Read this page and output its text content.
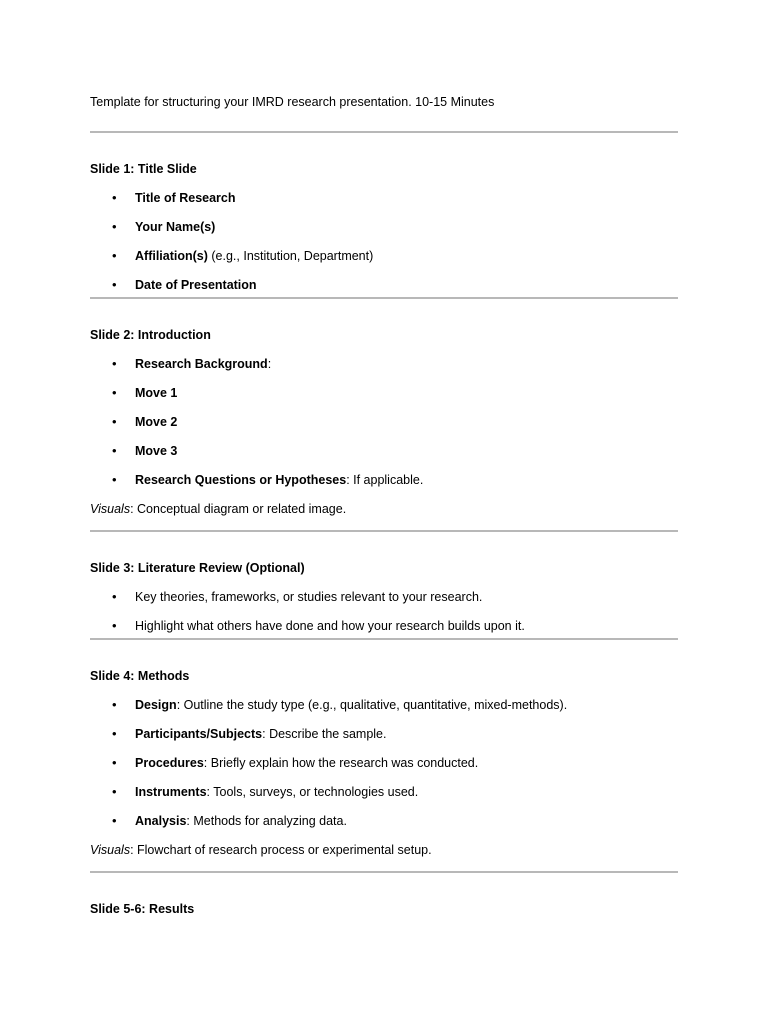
Template for structuring your IMRD research presentation. 10-15 Minutes

Slide 1: Title Slide

• Title of Research
• Your Name(s)
• Affiliation(s) (e.g., Institution, Department)
• Date of Presentation

Slide 2: Introduction

• Research Background:
• Move 1
• Move 2
• Move 3
• Research Questions or Hypotheses: If applicable.

Visuals: Conceptual diagram or related image.

Slide 3: Literature Review (Optional)

• Key theories, frameworks, or studies relevant to your research.
• Highlight what others have done and how your research builds upon it.

Slide 4: Methods

• Design: Outline the study type (e.g., qualitative, quantitative, mixed-methods).
• Participants/Subjects: Describe the sample.
• Procedures: Briefly explain how the research was conducted.
• Instruments: Tools, surveys, or technologies used.
• Analysis: Methods for analyzing data.

Visuals: Flowchart of research process or experimental setup.

Slide 5-6: Results
